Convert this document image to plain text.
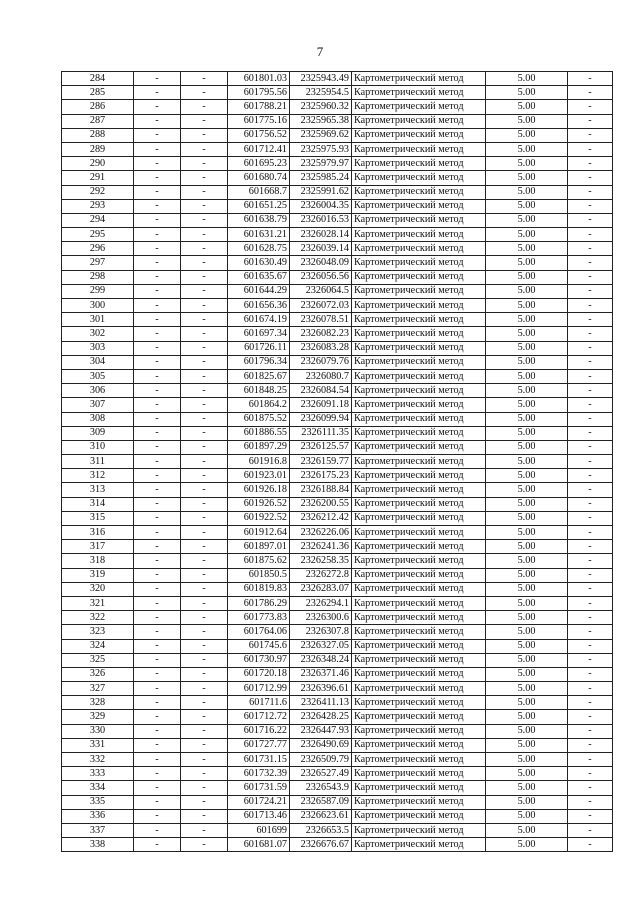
7
284	-	-	601801.03	2325943.49	Картометрический метод	5.00	-
285	-	-	601795.56	2325954.5	Картометрический метод	5.00	-
286	-	-	601788.21	2325960.32	Картометрический метод	5.00	-
287	-	-	601775.16	2325965.38	Картометрический метод	5.00	-
288	-	-	601756.52	2325969.62	Картометрический метод	5.00	-
289	-	-	601712.41	2325975.93	Картометрический метод	5.00	-
290	-	-	601695.23	2325979.97	Картометрический метод	5.00	-
291	-	-	601680.74	2325985.24	Картометрический метод	5.00	-
292	-	-	601668.7	2325991.62	Картометрический метод	5.00	-
293	-	-	601651.25	2326004.35	Картометрический метод	5.00	-
294	-	-	601638.79	2326016.53	Картометрический метод	5.00	-
295	-	-	601631.21	2326028.14	Картометрический метод	5.00	-
296	-	-	601628.75	2326039.14	Картометрический метод	5.00	-
297	-	-	601630.49	2326048.09	Картометрический метод	5.00	-
298	-	-	601635.67	2326056.56	Картометрический метод	5.00	-
299	-	-	601644.29	2326064.5	Картометрический метод	5.00	-
300	-	-	601656.36	2326072.03	Картометрический метод	5.00	-
301	-	-	601674.19	2326078.51	Картометрический метод	5.00	-
302	-	-	601697.34	2326082.23	Картометрический метод	5.00	-
303	-	-	601726.11	2326083.28	Картометрический метод	5.00	-
304	-	-	601796.34	2326079.76	Картометрический метод	5.00	-
305	-	-	601825.67	2326080.7	Картометрический метод	5.00	-
306	-	-	601848.25	2326084.54	Картометрический метод	5.00	-
307	-	-	601864.2	2326091.18	Картометрический метод	5.00	-
308	-	-	601875.52	2326099.94	Картометрический метод	5.00	-
309	-	-	601886.55	2326111.35	Картометрический метод	5.00	-
310	-	-	601897.29	2326125.57	Картометрический метод	5.00	-
311	-	-	601916.8	2326159.77	Картометрический метод	5.00	-
312	-	-	601923.01	2326175.23	Картометрический метод	5.00	-
313	-	-	601926.18	2326188.84	Картометрический метод	5.00	-
314	-	-	601926.52	2326200.55	Картометрический метод	5.00	-
315	-	-	601922.52	2326212.42	Картометрический метод	5.00	-
316	-	-	601912.64	2326226.06	Картометрический метод	5.00	-
317	-	-	601897.01	2326241.36	Картометрический метод	5.00	-
318	-	-	601875.62	2326258.35	Картометрический метод	5.00	-
319	-	-	601850.5	2326272.8	Картометрический метод	5.00	-
320	-	-	601819.83	2326283.07	Картометрический метод	5.00	-
321	-	-	601786.29	2326294.1	Картометрический метод	5.00	-
322	-	-	601773.83	2326300.6	Картометрический метод	5.00	-
323	-	-	601764.06	2326307.8	Картометрический метод	5.00	-
324	-	-	601745.6	2326327.05	Картометрический метод	5.00	-
325	-	-	601730.97	2326348.24	Картометрический метод	5.00	-
326	-	-	601720.18	2326371.46	Картометрический метод	5.00	-
327	-	-	601712.99	2326396.61	Картометрический метод	5.00	-
328	-	-	601711.6	2326411.13	Картометрический метод	5.00	-
329	-	-	601712.72	2326428.25	Картометрический метод	5.00	-
330	-	-	601716.22	2326447.93	Картометрический метод	5.00	-
331	-	-	601727.77	2326490.69	Картометрический метод	5.00	-
332	-	-	601731.15	2326509.79	Картометрический метод	5.00	-
333	-	-	601732.39	2326527.49	Картометрический метод	5.00	-
334	-	-	601731.59	2326543.9	Картометрический метод	5.00	-
335	-	-	601724.21	2326587.09	Картометрический метод	5.00	-
336	-	-	601713.46	2326623.61	Картометрический метод	5.00	-
337	-	-	601699	2326653.5	Картометрический метод	5.00	-
338	-	-	601681.07	2326676.67	Картометрический метод	5.00	-
